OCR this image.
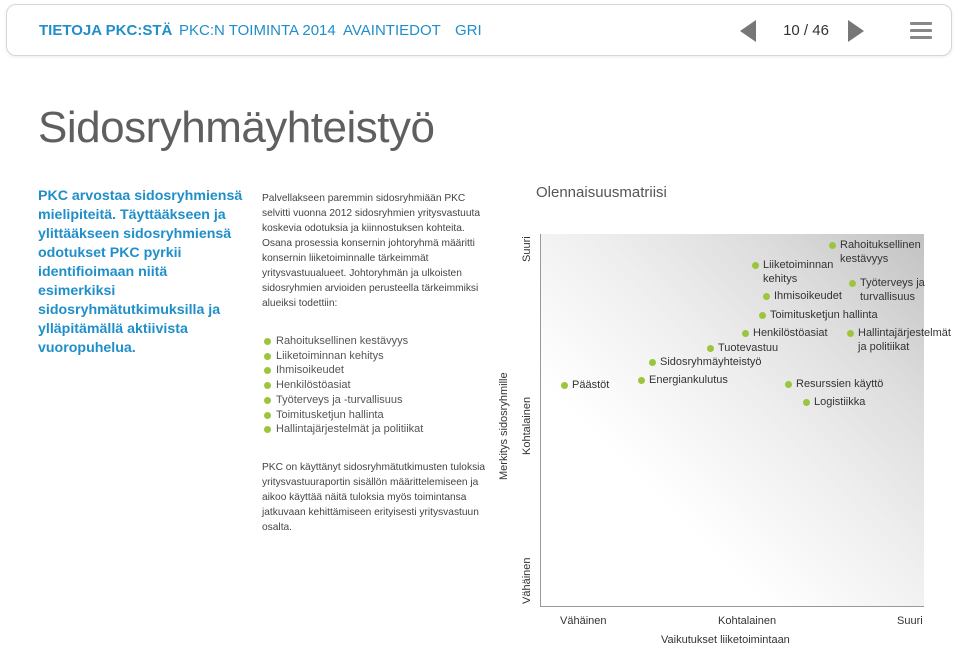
TIETOJA PKC:STÄ PKC:N TOIMINTA 2014 AVAINTIEDOT GRI	10 / 46
Sidosryhmäyhteistyö

PKC arvostaa sidosryhmiensä mielipiteitä. Täyttääkseen ja ylittääkseen sidosryhmiensä odotukset PKC pyrkii identifioimaan niitä esimerkiksi sidosryhmätutkimuksilla ja ylläpitämällä aktiivista vuoropuhelua.

Palvellakseen paremmin sidosryhmiään PKC selvitti vuonna 2012 sidosryhmien yritysvastuuta koskevia odotuksia ja kiinnostuksen kohteita. Osana prosessia konsernin johtoryhmä määritti konsernin liiketoiminnalle tärkeimmät yritysvastuualueet. Johtoryhmän ja ulkoisten sidosryhmien arvioiden perusteella tärkeimmiksi alueiksi todettiin:

Rahoituksellinen kestävyys
Liiketoiminnan kehitys
Ihmisoikeudet
Henkilöstöasiat
Työterveys ja -turvallisuus
Toimitusketjun hallinta
Hallintajärjestelmät ja politiikat

PKC on käyttänyt sidosryhmätutkimusten tuloksia yritysvastuuraportin sisällön määrittelemiseen ja aikoo käyttää näitä tuloksia myös toimintansa jatkuvaan kehittämiseen erityisesti yritysvastuun osalta.

Olennaisuusmatriisi
Merkitys sidosryhmille
Suuri
Kohtalainen
Vähäinen
Vähäinen	Kohtalainen	Suuri
Vaikutukset liiketoimintaan
Rahoituksellinen kestävyys
Liiketoiminnan kehitys	Työterveys ja turvallisuus
Ihmisoikeudet
Toimitusketjun hallinta
Henkilöstöasiat	Hallintajärjestelmät ja politiikat
Tuotevastuu
Sidosryhmäyhteistyö
Energiankulutus
Päästöt	Resurssien käyttö
Logistiikka
